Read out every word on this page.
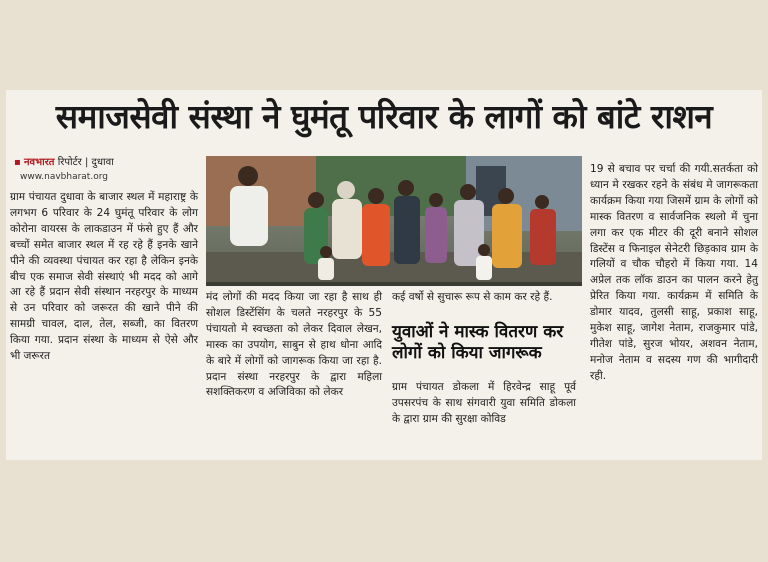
समाजसेवी संस्था ने घुमंतू परिवार के लागों को बांटे राशन
▪ नवभारत रिपोर्टर | दुधावा
www.navbharat.org

ग्राम पंचायत दुधावा के बाजार स्थल में महाराष्ट्र के लगभग 6 परिवार के 24 घुमंतू परिवार के लोग कोरोना वायरस के लाकडाउन में फंसे हुए हैं और बच्चों समेत बाजार स्थल में रह रहे हैं इनके खाने पीने की व्यवस्था पंचायत कर रहा है लेकिन इनके बीच एक समाज सेवी संस्थाएं भी मदद को आगे आ रहे हैं प्रदान सेवी संस्थान नरहरपुर के माध्यम से उन परिवार को जरूरत की खाने पीने की सामग्री चावल, दाल, तेल, सब्जी, का वितरण किया गया. प्रदान संस्था के माध्यम से ऐसे और भी जरूरत

मंद लोगों की मदद किया जा रहा है साथ ही सोशल डिस्टेंसिंग के चलते नरहरपुर के 55 पंचायतो मे स्वच्छता को लेकर दिवाल लेखन, मास्क का उपयोग, साबुन से हाथ धोना आदि के बारे में लोगों को जागरूक किया जा रहा है. प्रदान संस्था नरहरपुर के द्वारा महिला सशक्तिकरण व अजिविका को लेकर

कई वर्षो से सुचारू रूप से काम कर रहे हैं.

युवाओं ने मास्क वितरण कर लोगों को किया जागरूक

ग्राम पंचायत डोकला में हिरवेन्द्र साहू पूर्व उपसरपंच के साथ संगवारी युवा समिति डोकला के द्वारा ग्राम की सुरक्षा कोविड

19 से बचाव पर चर्चा की गयी.सतर्कता को ध्यान मे रखकर रहने के संबंध मे जागरूकता कार्यक्रम किया गया जिसमें ग्राम के लोगों को मास्क वितरण व सार्वजनिक स्थलो में चुना लगा कर एक मीटर की दूरी बनाने सोशल डिस्टेंस व फिनाइल सेनेटरी छिड़काव ग्राम के गलियों व चौक चौहरो में किया गया. 14 अप्रेल तक लॉक डाउन का पालन करने हेतु प्रेरित किया गया. कार्यक्रम में समिति के डोमार यादव, तुलसी साहू, प्रकाश साहू, मुकेश साहू, जागेश नेताम, राजकुमार पांडे, गीतेश पांडे, सुरज भोयर, अशवन नेताम, मनोज नेताम व सदस्य गण की भागीदारी रही.
